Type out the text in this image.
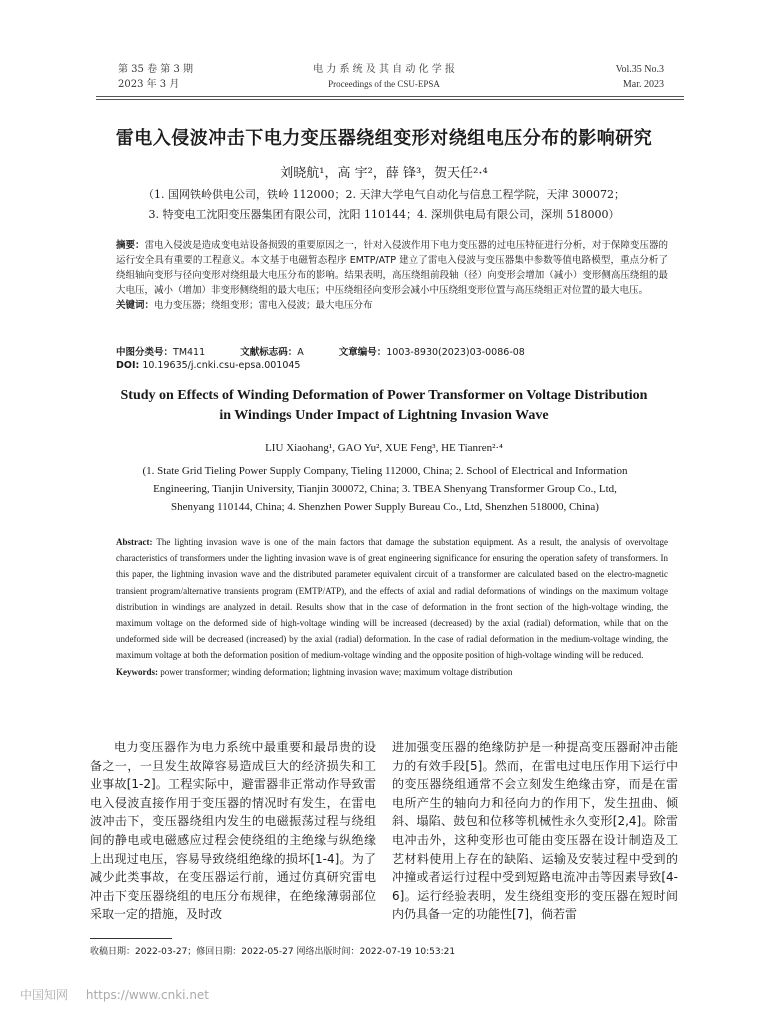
第 35 卷 第 3 期
2023 年 3 月
电 力 系 统 及 其 自 动 化 学 报
Proceedings of the CSU-EPSA
Vol.35 No.3
Mar. 2023
雷电入侵波冲击下电力变压器绕组变形对绕组电压分布的影响研究
刘晓航¹，高 宇²，薛 锋³，贺天任²·⁴
（1. 国网铁岭供电公司，铁岭 112000；2. 天津大学电气自动化与信息工程学院，天津 300072；
3. 特变电工沈阳变压器集团有限公司，沈阳 110144；4. 深圳供电局有限公司，深圳 518000）

摘要：雷电入侵波是造成变电站设备损毁的重要原因之一，针对入侵波作用下电力变压器的过电压特征进行分析，对于保障变压器的运行安全具有重要的工程意义。本文基于电磁暂态程序 EMTP/ATP 建立了雷电入侵波与变压器集中参数等值电路模型，重点分析了绕组轴向变形与径向变形对绕组最大电压分布的影响。结果表明，高压绕组前段轴（径）向变形会增加（减小）变形侧高压绕组的最大电压，减小（增加）非变形侧绕组的最大电压；中压绕组径向变形会减小中压绕组变形位置与高压绕组正对位置的最大电压。

关键词：电力变压器；绕组变形；雷电入侵波；最大电压分布

中图分类号：TM411	文献标志码：A	文章编号：1003-8930(2023)03-0086-08
DOI: 10.19635/j.cnki.csu-epsa.001045
Study on Effects of Winding Deformation of Power Transformer on Voltage Distribution
in Windings Under Impact of Lightning Invasion Wave
LIU Xiaohang¹, GAO Yu², XUE Feng³, HE Tianren²·⁴
(1. State Grid Tieling Power Supply Company, Tieling 112000, China; 2. School of Electrical and Information
Engineering, Tianjin University, Tianjin 300072, China; 3. TBEA Shenyang Transformer Group Co., Ltd,
Shenyang 110144, China; 4. Shenzhen Power Supply Bureau Co., Ltd, Shenzhen 518000, China)

Abstract: The lighting invasion wave is one of the main factors that damage the substation equipment. As a result, the analysis of overvoltage characteristics of transformers under the lighting invasion wave is of great engineering significance for ensuring the operation safety of transformers. In this paper, the lightning invasion wave and the distributed parameter equivalent circuit of a transformer are calculated based on the electro-magnetic transient program/alternative transients program (EMTP/ATP), and the effects of axial and radial deformations of windings on the maximum voltage distribution in windings are analyzed in detail. Results show that in the case of deformation in the front section of the high-voltage winding, the maximum voltage on the deformed side of high-voltage winding will be increased (decreased) by the axial (radial) deformation, while that on the undeformed side will be decreased (increased) by the axial (radial) deformation. In the case of radial deformation in the medium-voltage winding, the maximum voltage at both the deformation position of medium-voltage winding and the opposite position of high-voltage winding will be reduced.

Keywords: power transformer; winding deformation; lightning invasion wave; maximum voltage distribution

电力变压器作为电力系统中最重要和最昂贵的设备之一，一旦发生故障容易造成巨大的经济损失和工业事故[1-2]。工程实际中，避雷器非正常动作导致雷电入侵波直接作用于变压器的情况时有发生，在雷电波冲击下，变压器绕组内发生的电磁振荡过程与绕组间的静电或电磁感应过程会使绕组的主绝缘与纵绝缘上出现过电压，容易导致绕组绝缘的损坏[1-4]。为了减少此类事故，在变压器运行前，通过仿真研究雷电冲击下变压器绕组的电压分布规律，在绝缘薄弱部位采取一定的措施，及时改

进加强变压器的绝缘防护是一种提高变压器耐冲击能力的有效手段[5]。然而，在雷电过电压作用下运行中的变压器绕组通常不会立刻发生绝缘击穿，而是在雷电所产生的轴向力和径向力的作用下，发生扭曲、倾斜、塌陷、鼓包和位移等机械性永久变形[2,4]。除雷电冲击外，这种变形也可能由变压器在设计制造及工艺材料使用上存在的缺陷、运输及安装过程中受到的冲撞或者运行过程中受到短路电流冲击等因素导致[4-6]。运行经验表明，发生绕组变形的变压器在短时间内仍具备一定的功能性[7]，倘若雷

收稿日期：2022-03-27；修回日期：2022-05-27 网络出版时间：2022-07-19 10:53:21
中国知网 https://www.cnki.net
